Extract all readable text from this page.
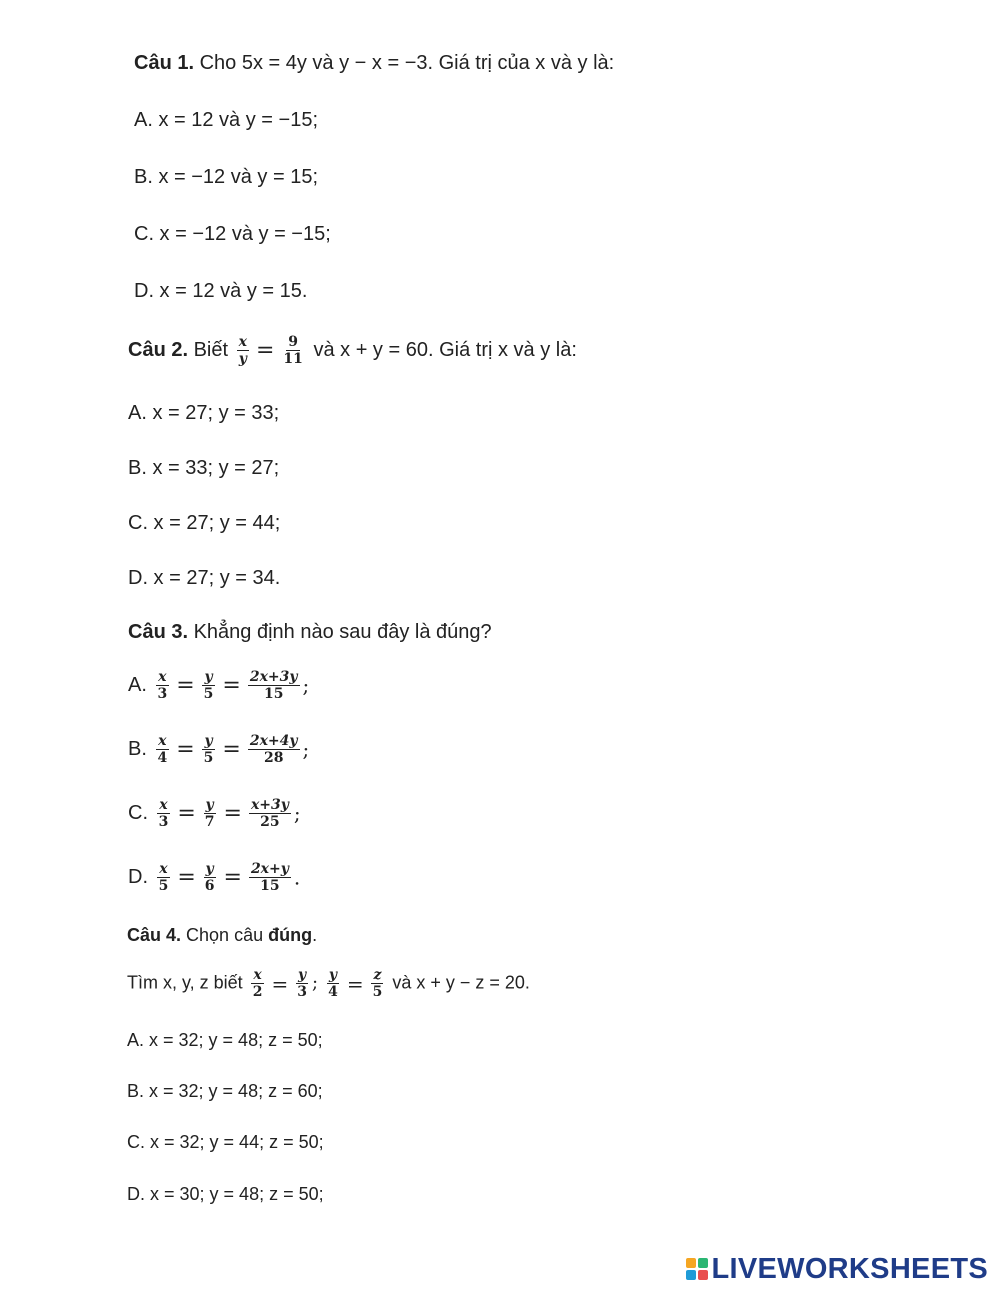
Câu 1. Cho 5x = 4y và y − x = −3. Giá trị của x và y là:
A. x = 12 và y = −15;
B. x = −12 và y = 15;
C. x = −12 và y = −15;
D. x = 12 và y = 15.
Câu 2. Biết $\frac{x}{y} = \frac{9}{11}$ và x + y = 60. Giá trị x và y là:
A. x = 27; y = 33;
B. x = 33; y = 27;
C. x = 27; y = 44;
D. x = 27; y = 34.
Câu 3. Khẳng định nào sau đây là đúng?
A. $\frac{x}{3} = \frac{y}{5} = \frac{2x+3y}{15}$ ;
B. $\frac{x}{4} = \frac{y}{5} = \frac{2x+4y}{28}$ ;
C. $\frac{x}{3} = \frac{y}{7} = \frac{x+3y}{25}$ ;
D. $\frac{x}{5} = \frac{y}{6} = \frac{2x+y}{15}$ .
Câu 4. Chọn câu đúng.
Tìm x, y, z biết $\frac{x}{2} = \frac{y}{3}$ ; $\frac{y}{4} = \frac{z}{5}$ và x + y − z = 20.
A. x = 32; y = 48; z = 50;
B. x = 32; y = 48; z = 60;
C. x = 32; y = 44; z = 50;
D. x = 30; y = 48; z = 50;
LIVEWORKSHEETS
